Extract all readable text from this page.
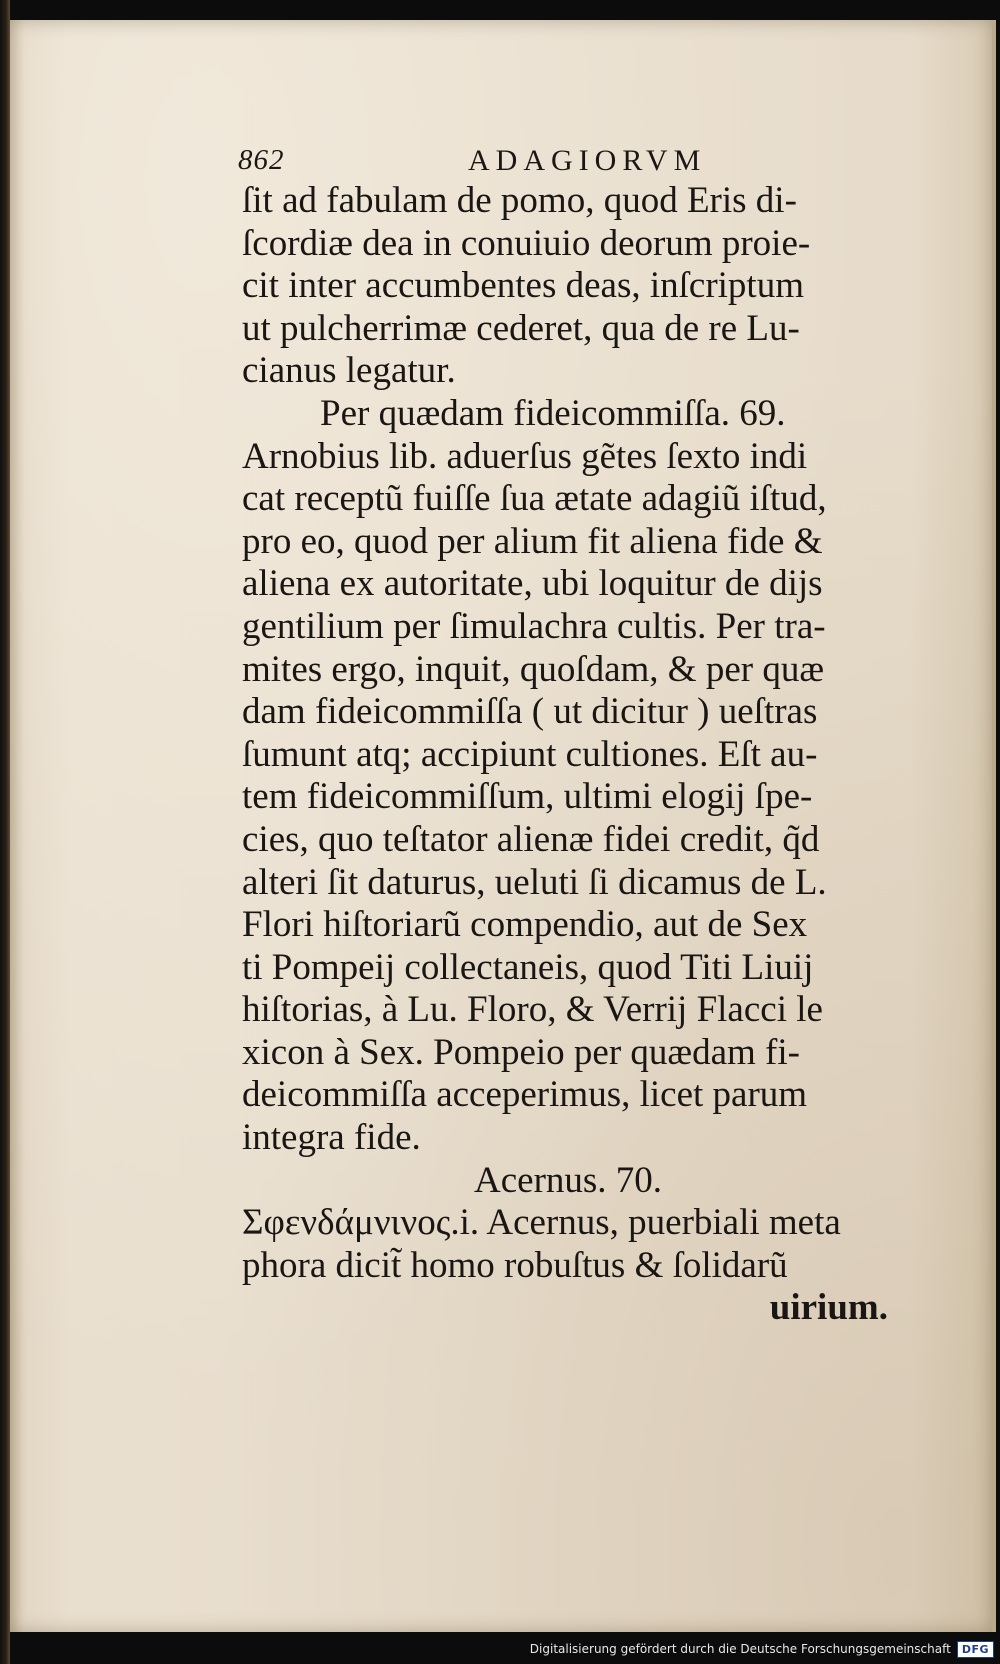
862	ADAGIORVM
ſit ad fabulam de pomo, quod Eris di-
ſcordiæ dea in conuiuio deorum proie-
cit inter accumbentes deas, inſcriptum
ut pulcherrimæ cederet, qua de re Lu-
cianus legatur.
Per quædam fideicommiſſa. 69.
Arnobius lib. aduerſus gẽtes ſexto indi
cat receptũ fuiſſe ſua ætate adagiũ iſtud,
pro eo, quod per alium fit aliena fide &
aliena ex autoritate, ubi loquitur de dijs
gentilium per ſimulachra cultis. Per tra-
mites ergo, inquit, quoſdam, & per quæ
dam fideicommiſſa ( ut dicitur ) ueſtras
ſumunt atq; accipiunt cultiones. Eſt au-
tem fideicommiſſum, ultimi elogij ſpe-
cies, quo teſtator alienæ fidei credit, q̃d
alteri ſit daturus, ueluti ſi dicamus de L.
Flori hiſtoriarũ compendio, aut de Sex
ti Pompeij collectaneis, quod Titi Liuij
hiſtorias, à Lu. Floro, & Verrij Flacci le
xicon à Sex. Pompeio per quædam fi-
deicommiſſa acceperimus, licet parum
integra fide.
Acernus. 70.
Σφενδάμνινος.i. Acernus, puerbiali meta
phora dicit̃ homo robuſtus & ſolidarũ
uirium.
Digitalisierung gefördert durch die Deutsche Forschungsgemeinschaft	DFG
